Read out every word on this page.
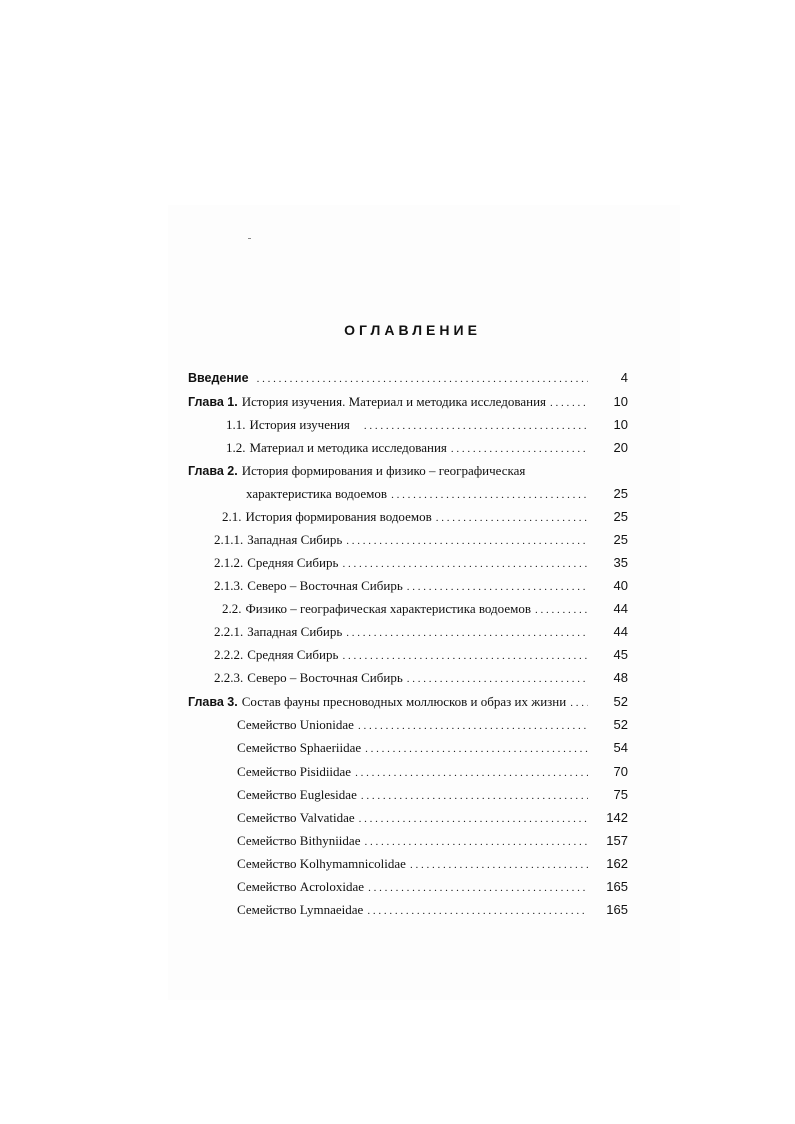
ОГЛАВЛЕНИЕ
Введение . . .	4
Глава 1. История изучения. Материал и методика исследования . . .	10
1.1. История изучения . . .	10
1.2. Материал и методика исследования . . .	20
Глава 2. История формирования и физико – географическая
характеристика водоемов . . .	25
2.1. История формирования водоемов . . .	25
2.1.1. Западная Сибирь . . .	25
2.1.2. Средняя Сибирь . . .	35
2.1.3. Северо – Восточная Сибирь . . .	40
2.2. Физико – географическая характеристика водоемов . . .	44
2.2.1. Западная Сибирь . . .	44
2.2.2. Средняя Сибирь . . .	45
2.2.3. Северо – Восточная Сибирь . . .	48
Глава 3. Состав фауны пресноводных моллюсков и образ их жизни . . .	52
Семейство Unionidae . . .	52
Семейство Sphaeriidae . . .	54
Семейство Pisidiidae . . .	70
Семейство Euglesidae . . .	75
Семейство Valvatidae . . .	142
Семейство Bithyniidae . . .	157
Семейство Kolhymamnicolidae . . .	162
Семейство Acroloxidae . . .	165
Семейство Lymnaeidae . . .	165
